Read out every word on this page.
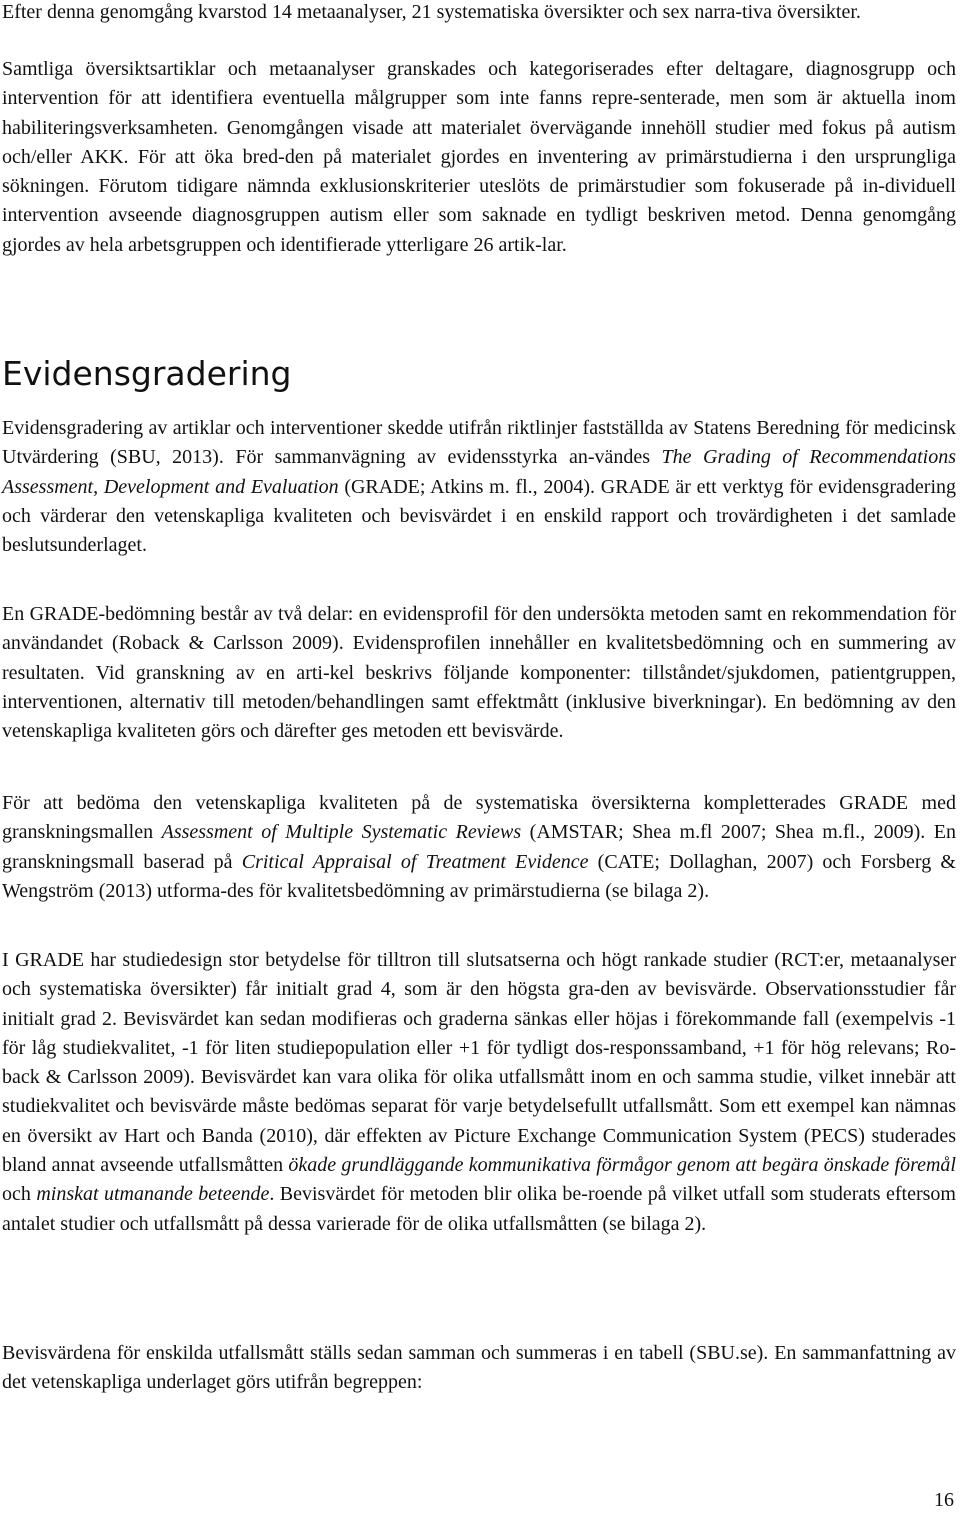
Efter denna genomgång kvarstod 14 metaanalyser, 21 systematiska översikter och sex narra-tiva översikter.

Samtliga översiktsartiklar och metaanalyser granskades och kategoriserades efter deltagare, diagnosgrupp och intervention för att identifiera eventuella målgrupper som inte fanns repre-senterade, men som är aktuella inom habiliteringsverksamheten. Genomgången visade att materialet övervägande innehöll studier med fokus på autism och/eller AKK. För att öka bred-den på materialet gjordes en inventering av primärstudierna i den ursprungliga sökningen. Förutom tidigare nämnda exklusionskriterier uteslöts de primärstudier som fokuserade på in-dividuell intervention avseende diagnosgruppen autism eller som saknade en tydligt beskriven metod. Denna genomgång gjordes av hela arbetsgruppen och identifierade ytterligare 26 artik-lar.

Evidensgradering

Evidensgradering av artiklar och interventioner skedde utifrån riktlinjer fastställda av Statens Beredning för medicinsk Utvärdering (SBU, 2013). För sammanvägning av evidensstyrka an-vändes The Grading of Recommendations Assessment, Development and Evaluation (GRADE; Atkins m. fl., 2004). GRADE är ett verktyg för evidensgradering och värderar den vetenskapliga kvaliteten och bevisvärdet i en enskild rapport och trovärdigheten i det samlade beslutsunderlaget.

En GRADE-bedömning består av två delar: en evidensprofil för den undersökta metoden samt en rekommendation för användandet (Roback & Carlsson 2009). Evidensprofilen innehåller en kvalitetsbedömning och en summering av resultaten. Vid granskning av en arti-kel beskrivs följande komponenter: tillståndet/sjukdomen, patientgruppen, interventionen, alternativ till metoden/behandlingen samt effektmått (inklusive biverkningar). En bedömning av den vetenskapliga kvaliteten görs och därefter ges metoden ett bevisvärde.

För att bedöma den vetenskapliga kvaliteten på de systematiska översikterna kompletterades GRADE med granskningsmallen Assessment of Multiple Systematic Reviews (AMSTAR; Shea m.fl 2007; Shea m.fl., 2009). En granskningsmall baserad på Critical Appraisal of Treatment Evidence (CATE; Dollaghan, 2007) och Forsberg & Wengström (2013) utforma-des för kvalitetsbedömning av primärstudierna (se bilaga 2).

I GRADE har studiedesign stor betydelse för tilltron till slutsatserna och högt rankade studier (RCT:er, metaanalyser och systematiska översikter) får initialt grad 4, som är den högsta gra-den av bevisvärde. Observationsstudier får initialt grad 2. Bevisvärdet kan sedan modifieras och graderna sänkas eller höjas i förekommande fall (exempelvis -1 för låg studiekvalitet, -1 för liten studiepopulation eller +1 för tydligt dos-responssamband, +1 för hög relevans; Ro-back & Carlsson 2009). Bevisvärdet kan vara olika för olika utfallsmått inom en och samma studie, vilket innebär att studiekvalitet och bevisvärde måste bedömas separat för varje betydelsefullt utfallsmått. Som ett exempel kan nämnas en översikt av Hart och Banda (2010), där effekten av Picture Exchange Communication System (PECS) studerades bland annat avseende utfallsmåtten ökade grundläggande kommunikativa förmågor genom att begära önskade föremål och minskat utmanande beteende. Bevisvärdet för metoden blir olika be-roende på vilket utfall som studerats eftersom antalet studier och utfallsmått på dessa varierade för de olika utfallsmåtten (se bilaga 2).

Bevisvärdena för enskilda utfallsmått ställs sedan samman och summeras i en tabell (SBU.se). En sammanfattning av det vetenskapliga underlaget görs utifrån begreppen:

16
